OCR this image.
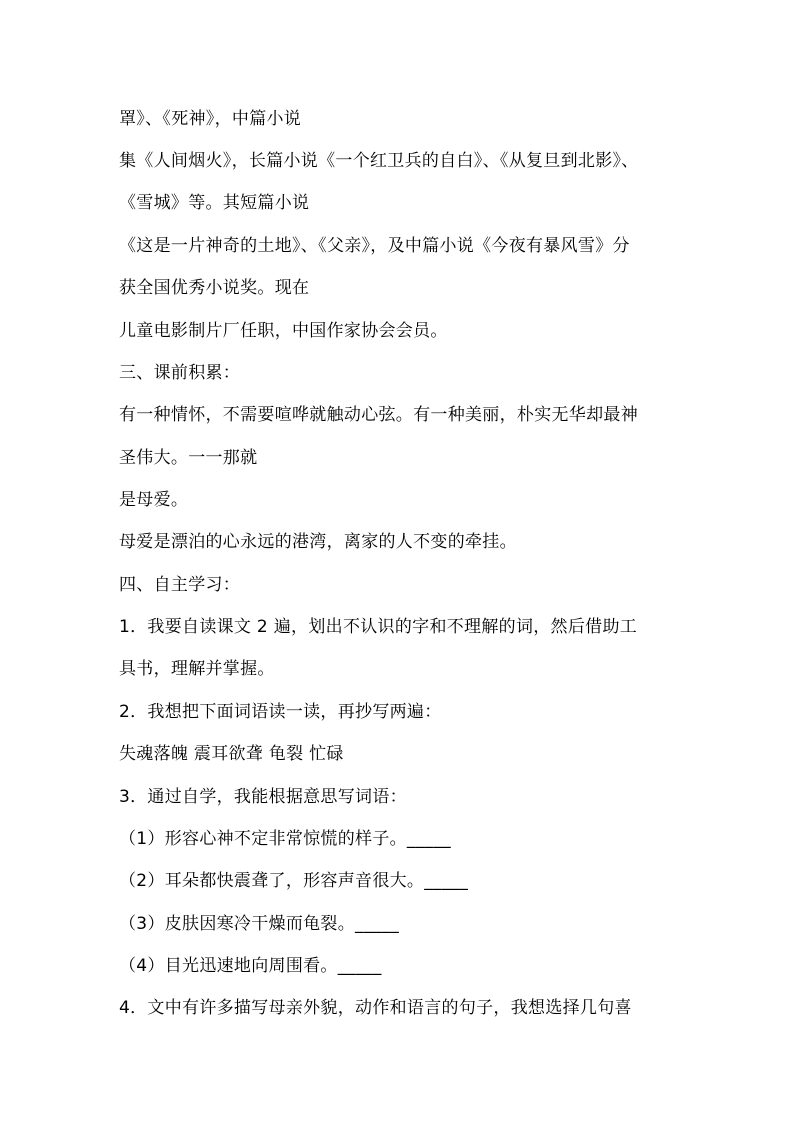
罩》、《死神》，中篇小说
集《人间烟火》，长篇小说《一个红卫兵的自白》、《从复旦到北影》、
《雪城》等。其短篇小说
《这是一片神奇的土地》、《父亲》，及中篇小说《今夜有暴风雪》分
获全国优秀小说奖。现在
儿童电影制片厂任职，中国作家协会会员。
三、课前积累：
有一种情怀，不需要喧哗就触动心弦。有一种美丽，朴实无华却最神
圣伟大。一一那就
是母爱。
母爱是漂泊的心永远的港湾，离家的人不变的牵挂。
四、自主学习：
1．我要自读课文 2 遍，划出不认识的字和不理解的词，然后借助工
具书，理解并掌握。
2．我想把下面词语读一读，再抄写两遍：
失魂落魄 震耳欲聋 龟裂 忙碌
3．通过自学，我能根据意思写词语：
（1）形容心神不定非常惊慌的样子。_____
（2）耳朵都快震聋了，形容声音很大。_____
（3）皮肤因寒冷干燥而龟裂。_____
（4）目光迅速地向周围看。_____
4．文中有许多描写母亲外貌，动作和语言的句子，我想选择几句喜
